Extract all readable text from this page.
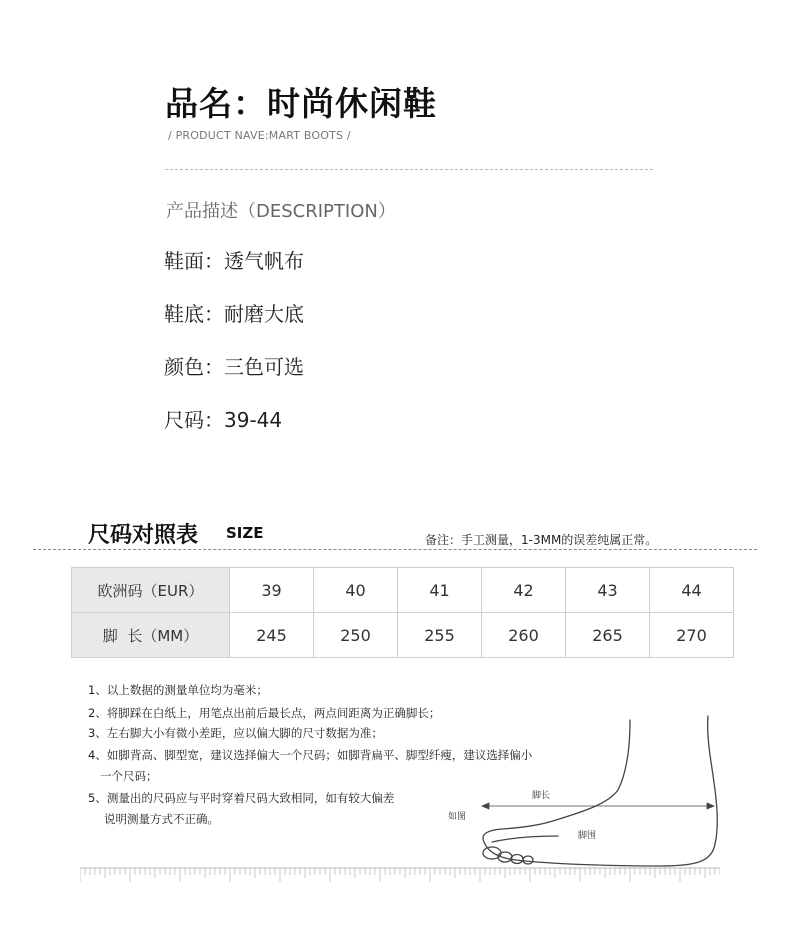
品名：时尚休闲鞋
/ PRODUCT NAVE:MART BOOTS /
产品描述（DESCRIPTION）
鞋面：透气帆布
鞋底：耐磨大底
颜色：三色可选
尺码：39-44
尺码对照表 SIZE	备注：手工测量，1-3MM的误差纯属正常。
欧洲码（EUR）	39	40	41	42	43	44
脚  长（MM）	245	250	255	260	265	270
1、以上数据的测量单位均为毫米；
2、将脚踩在白纸上，用笔点出前后最长点，两点间距离为正确脚长；
3、左右脚大小有微小差距，应以偏大脚的尺寸数据为准；
4、如脚背高、脚型宽，建议选择偏大一个尺码；如脚背扁平、脚型纤瘦，建议选择偏小
一个尺码；
5、测量出的尺码应与平时穿着尺码大致相同，如有较大偏差
说明测量方式不正确。
脚长
如图
脚围
